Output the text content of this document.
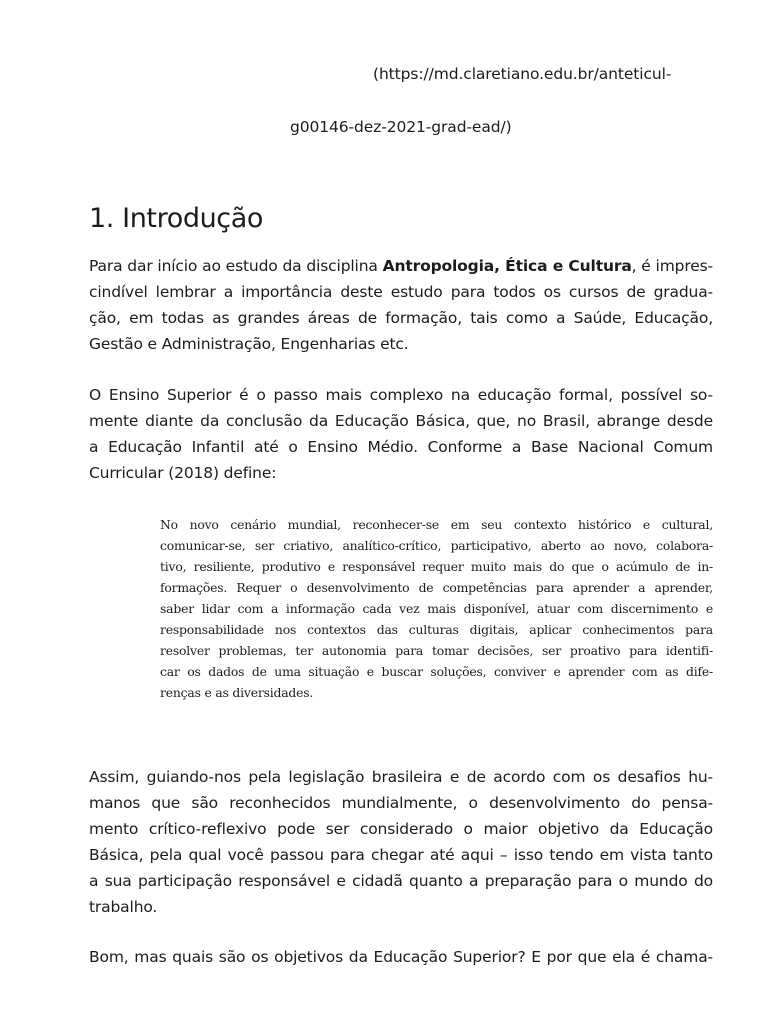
(https://md.claretiano.edu.br/anteticul-
g00146-dez-2021-grad-ead/)
1. Introdução

Para dar início ao estudo da disciplina Antropologia, Ética e Cultura, é impres-
cindível lembrar a importância deste estudo para todos os cursos de gradua-
ção, em todas as grandes áreas de formação, tais como a Saúde, Educação,
Gestão e Administração, Engenharias etc.

O Ensino Superior é o passo mais complexo na educação formal, possível so-
mente diante da conclusão da Educação Básica, que, no Brasil, abrange desde
a Educação Infantil até o Ensino Médio. Conforme a Base Nacional Comum
Curricular (2018) define:

No novo cenário mundial, reconhecer-se em seu contexto histórico e cultural,
comunicar-se, ser criativo, analítico-crítico, participativo, aberto ao novo, colabora-
tivo, resiliente, produtivo e responsável requer muito mais do que o acúmulo de in-
formações. Requer o desenvolvimento de competências para aprender a aprender,
saber lidar com a informação cada vez mais disponível, atuar com discernimento e
responsabilidade nos contextos das culturas digitais, aplicar conhecimentos para
resolver problemas, ter autonomia para tomar decisões, ser proativo para identifi-
car os dados de uma situação e buscar soluções, conviver e aprender com as dife-
renças e as diversidades.

Assim, guiando-nos pela legislação brasileira e de acordo com os desafios hu-
manos que são reconhecidos mundialmente, o desenvolvimento do pensa-
mento crítico-reflexivo pode ser considerado o maior objetivo da Educação
Básica, pela qual você passou para chegar até aqui – isso tendo em vista tanto
a sua participação responsável e cidadã quanto a preparação para o mundo do
trabalho.

Bom, mas quais são os objetivos da Educação Superior? E por que ela é chama-
